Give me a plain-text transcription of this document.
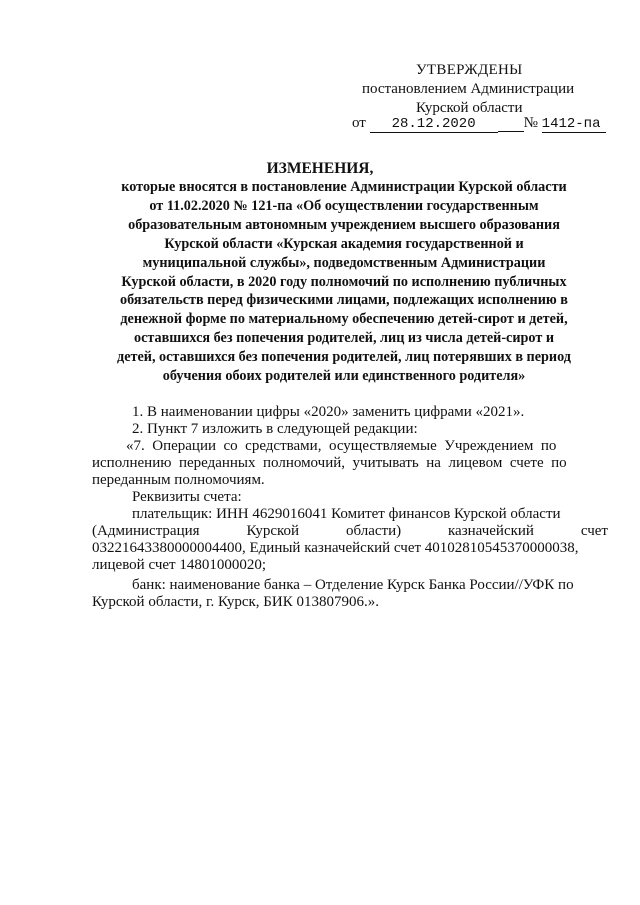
УТВЕРЖДЕНЫ
постановлением Администрации
Курской области
от 28.12.2020	№ 1412-па
ИЗМЕНЕНИЯ,
которые вносятся в постановление Администрации Курской области
от 11.02.2020 № 121-па «Об осуществлении государственным
образовательным автономным учреждением высшего образования
Курской области «Курская академия государственной и
муниципальной службы», подведомственным Администрации
Курской области, в 2020 году полномочий по исполнению публичных
обязательств перед физическими лицами, подлежащих исполнению в
денежной форме по материальному обеспечению детей-сирот и детей,
оставшихся без попечения родителей, лиц из числа детей-сирот и
детей, оставшихся без попечения родителей, лиц потерявших в период
обучения обоих родителей или единственного родителя»
1. В наименовании цифры «2020» заменить цифрами «2021».
2. Пункт 7 изложить в следующей редакции:
«7.  Операции  со  средствами,  осуществляемые  Учреждением  по
исполнению  переданных  полномочий,  учитывать  на  лицевом  счете  по
переданным полномочиям.
Реквизиты счета:
плательщик: ИНН 4629016041 Комитет финансов Курской области
(Администрация	Курской	области)	казначейский	счет
03221643380000004400, Единый казначейский счет 40102810545370000038,
лицевой счет 14801000020;
банк: наименование банка – Отделение Курск Банка России//УФК по
Курской области, г. Курск, БИК 013807906.».
